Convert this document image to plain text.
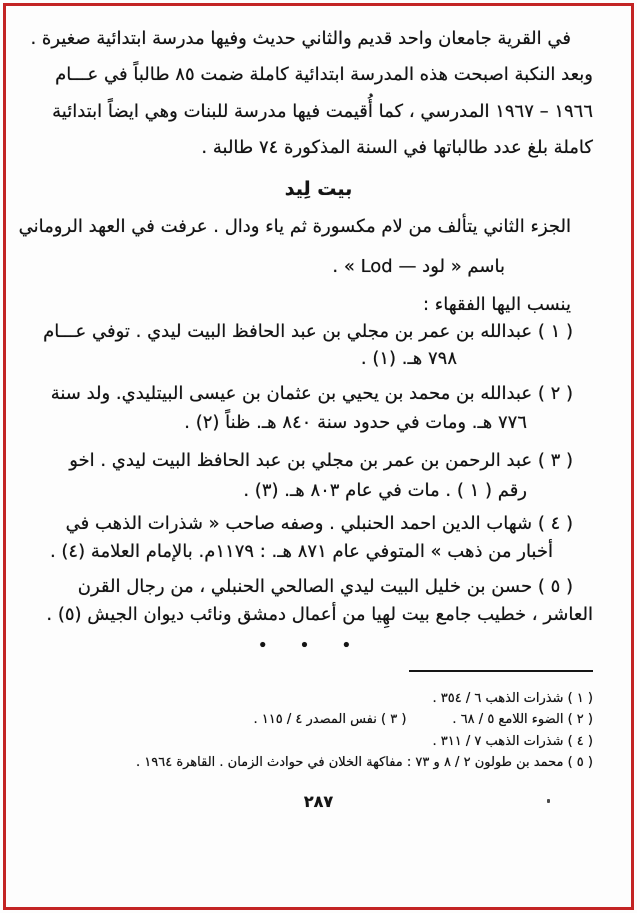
في القرية جامعان واحد قديم والثاني حديث وفيها مدرسة ابتدائية صغيرة .
وبعد النكبة اصبحت هذه المدرسة ابتدائية كاملة ضمت ٨٥ طالباً في عـــام
١٩٦٦ – ١٩٦٧ المدرسي ، كما أُقيمت فيها مدرسة للبنات وهي ايضاً ابتدائية
كاملة بلغ عدد طالباتها في السنة المذكورة ٧٤ طالبة .
بيت لِيد
الجزء الثاني يتألف من لام مكسورة ثم ياء ودال . عرفت في العهد الروماني
باسم « لود — Lod » .
ينسب اليها الفقهاء :
( ١ ) عبدالله بن عمر بن مجلي بن عبد الحافظ البيت ليدي . توفي عـــام
٧٩٨ هـ. (١) .
( ٢ ) عبدالله بن محمد بن يحيي بن عثمان بن عيسى البيتليدي. ولد سنة
٧٧٦ هـ. ومات في حدود سنة ٨٤٠ هـ. ظناً (٢) .
( ٣ ) عبد الرحمن بن عمر بن مجلي بن عبد الحافظ البيت ليدي . اخو
رقم ( ١ ) . مات في عام ٨٠٣ هـ. (٣) .
( ٤ ) شهاب الدين احمد الحنبلي . وصفه صاحب « شذرات الذهب في
أخبار من ذهب » المتوفي عام ٨٧١ هـ. : ١١٧٩م. بالإمام العلامة (٤) .
( ٥ ) حسن بن خليل البيت ليدي الصالحي الحنبلي ، من رجال القرن
العاشر ، خطيب جامع بيت لهِيا من أعمال دمشق ونائب ديوان الجيش (٥) .
• • •
( ١ ) شذرات الذهب ٦ / ٣٥٤ .
( ٢ ) الضوء اللامع ٥ / ٦٨ .( ٣ ) نفس المصدر ٤ / ١١٥ .
( ٤ ) شذرات الذهب ٧ / ٣١١ .
( ٥ ) محمد بن طولون ٢ / ٨ و ٧٣ : مفاكهة الخلان في حوادث الزمان . القاهرة ١٩٦٤ .
٢٨٧
